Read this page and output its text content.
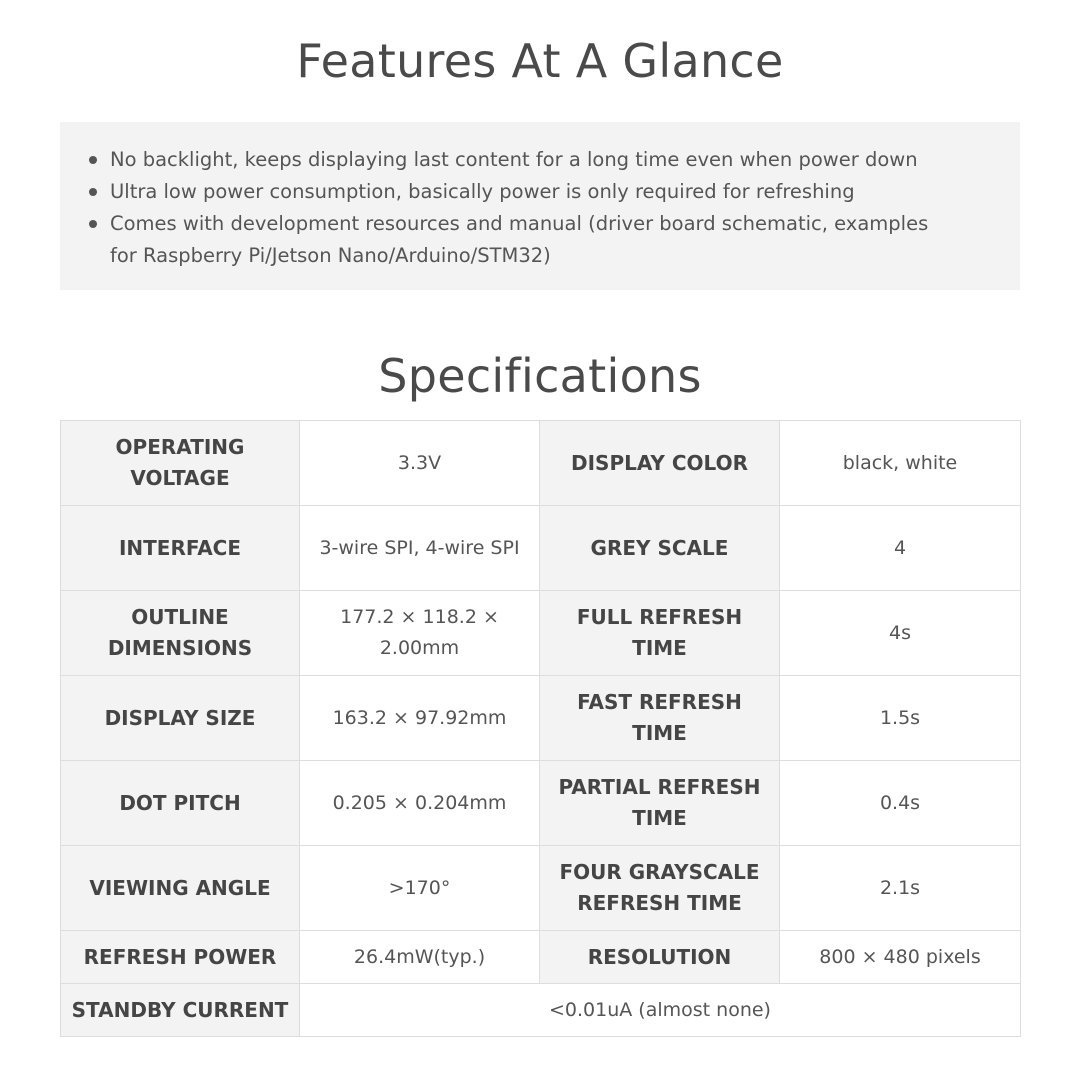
Features At A Glance
No backlight, keeps displaying last content for a long time even when power down
Ultra low power consumption, basically power is only required for refreshing
Comes with development resources and manual (driver board schematic, examples for Raspberry Pi/Jetson Nano/Arduino/STM32)
Specifications
OPERATING VOLTAGE	3.3V	DISPLAY COLOR	black, white
INTERFACE	3-wire SPI, 4-wire SPI	GREY SCALE	4
OUTLINE DIMENSIONS	177.2 × 118.2 × 2.00mm	FULL REFRESH TIME	4s
DISPLAY SIZE	163.2 × 97.92mm	FAST REFRESH TIME	1.5s
DOT PITCH	0.205 × 0.204mm	PARTIAL REFRESH TIME	0.4s
VIEWING ANGLE	>170°	FOUR GRAYSCALE REFRESH TIME	2.1s
REFRESH POWER	26.4mW(typ.)	RESOLUTION	800 × 480 pixels
STANDBY CURRENT	<0.01uA (almost none)		
